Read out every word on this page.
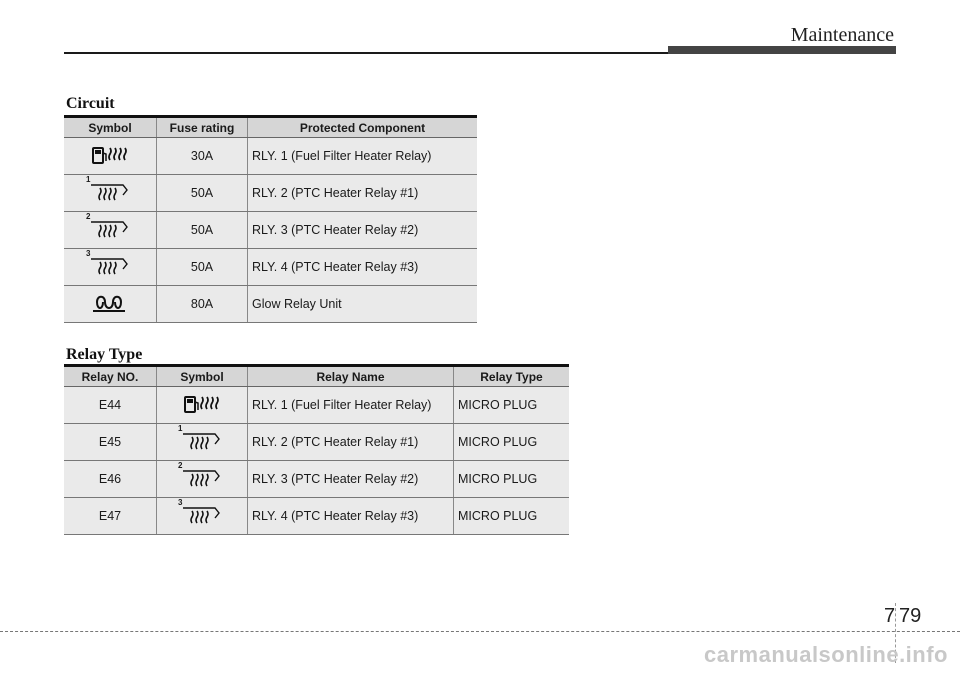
Maintenance
Circuit
Symbol	Fuse rating	Protected Component
	30A	RLY. 1 (Fuel Filter Heater Relay)

1	50A	RLY. 2 (PTC Heater Relay #1)

2	50A	RLY. 3 (PTC Heater Relay #2)

3	50A	RLY. 4 (PTC Heater Relay #3)
	80A	Glow Relay Unit
Relay Type
Relay NO.	Symbol	Relay Name	Relay Type
E44		RLY. 1 (Fuel Filter Heater Relay)	MICRO PLUG
E45	1	RLY. 2 (PTC Heater Relay #1)	MICRO PLUG
E46	2	RLY. 3 (PTC Heater Relay #2)	MICRO PLUG
E47	3	RLY. 4 (PTC Heater Relay #3)	MICRO PLUG
7 79
carmanualsonline.info
